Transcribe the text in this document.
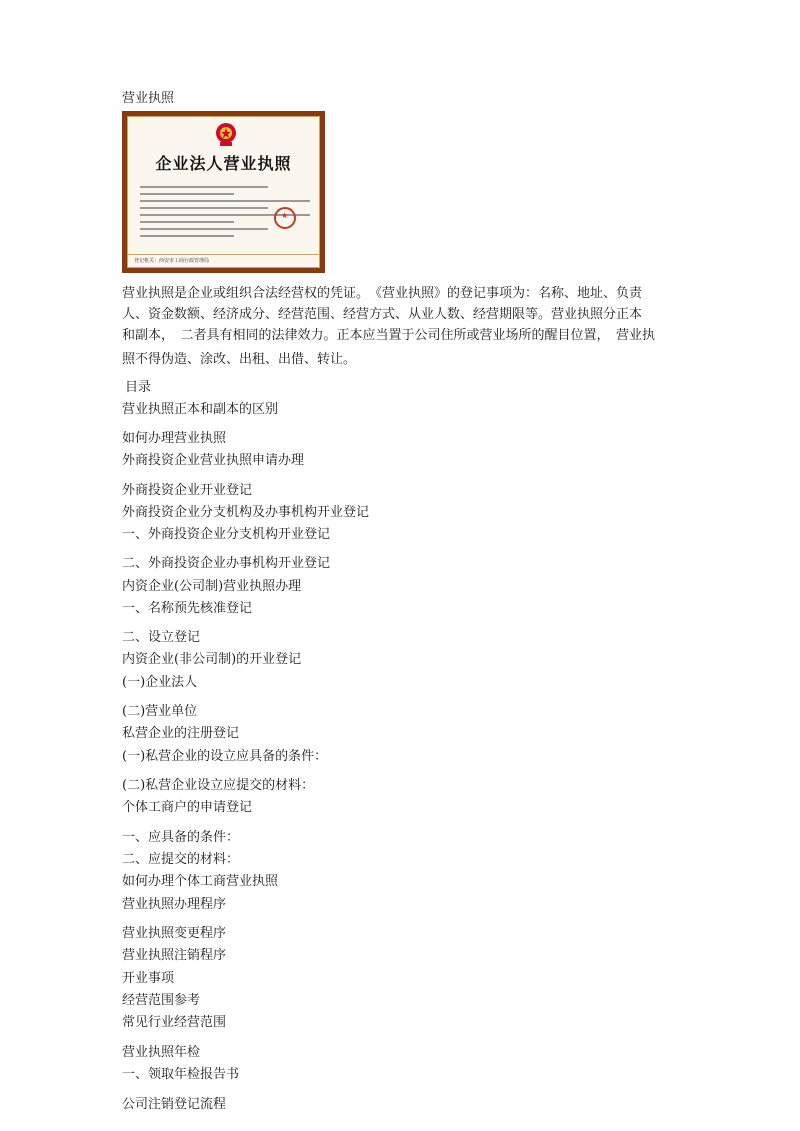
营业执照
企业法人营业执照
★
登记机关：西安市工商行政管理局
营业执照是企业或组织合法经营权的凭证。　《营业执照》的登记事项为：名称、地址、负责
人、资金数额、经济成分、经营范围、经营方式、从业人数、经营期限等。营业执照分正本
和副本，　二者具有相同的法律效力。正本应当置于公司住所或营业场所的醒目位置，　营业执
照不得伪造、涂改、出租、出借、转让。
目录
营业执照正本和副本的区别
如何办理营业执照
外商投资企业营业执照申请办理
外商投资企业开业登记
外商投资企业分支机构及办事机构开业登记
一、外商投资企业分支机构开业登记
二、外商投资企业办事机构开业登记
内资企业(公司制)营业执照办理
一、名称预先核准登记
二、设立登记
内资企业(非公司制)的开业登记
(一)企业法人
(二)营业单位
私营企业的注册登记
(一)私营企业的设立应具备的条件：
(二)私营企业设立应提交的材料：
个体工商户的申请登记
一、应具备的条件：
二、应提交的材料：
如何办理个体工商营业执照
营业执照办理程序
营业执照变更程序
营业执照注销程序
开业事项
经营范围参考
常见行业经营范围
营业执照年检
一、领取年检报告书
公司注销登记流程
